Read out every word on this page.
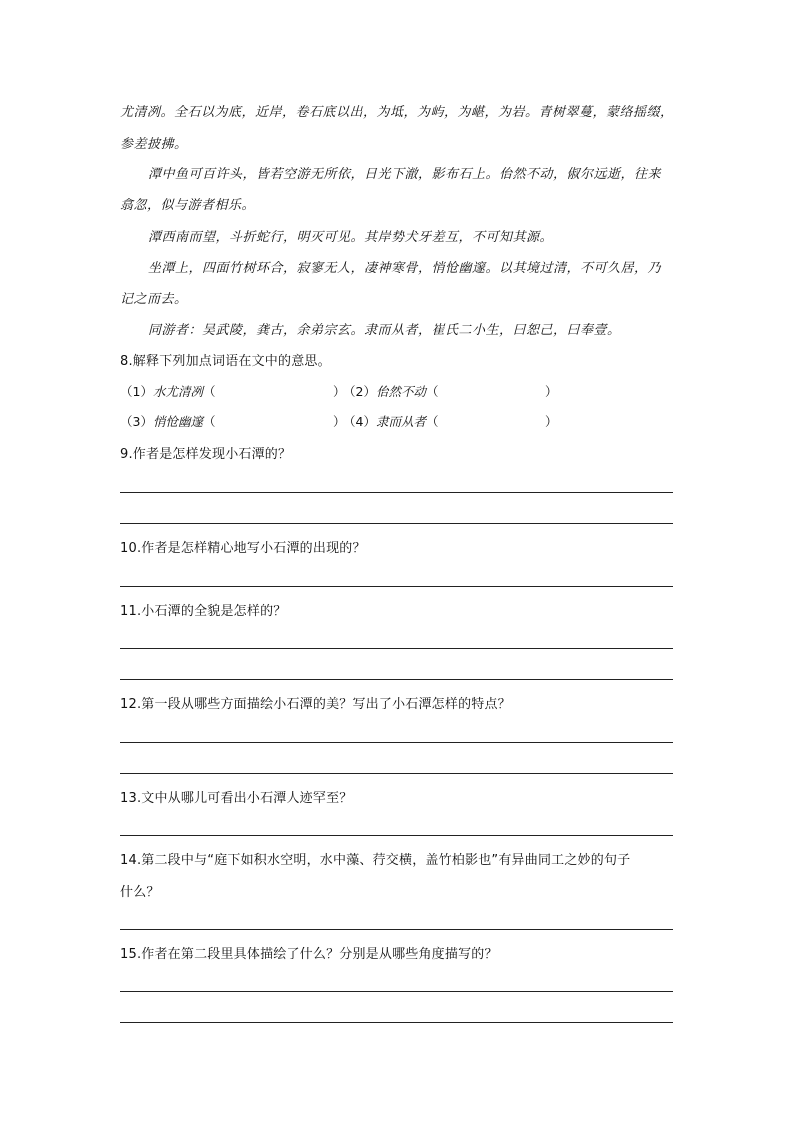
尤清冽。全石以为底，近岸，卷石底以出，为坻，为屿，为嵁，为岩。青树翠蔓，蒙络摇缀，
参差披拂。
潭中鱼可百许头，皆若空游无所依，日光下澈，影布石上。佁然不动，俶尔远逝，往来
翕忽，似与游者相乐。
潭西南而望，斗折蛇行，明灭可见。其岸势犬牙差互，不可知其源。
坐潭上，四面竹树环合，寂寥无人，凄神寒骨，悄怆幽邃。以其境过清，不可久居，乃
记之而去。
同游者：吴武陵，龚古，余弟宗玄。隶而从者，崔氏二小生，曰恕己，曰奉壹。
8.解释下列加点词语在文中的意思。
（1）水尤清冽（	）
（2）佁然不动（	）
（3）悄怆幽邃（	）
（4）隶而从者（	）
9.作者是怎样发现小石潭的？
10.作者是怎样精心地写小石潭的出现的？
11.小石潭的全貌是怎样的？
12.第一段从哪些方面描绘小石潭的美？写出了小石潭怎样的特点？
13.文中从哪儿可看出小石潭人迹罕至？
14.第二段中与“庭下如积水空明，水中藻、荇交横，盖竹柏影也”有异曲同工之妙的句子
什么？
15.作者在第二段里具体描绘了什么？分别是从哪些角度描写的？
